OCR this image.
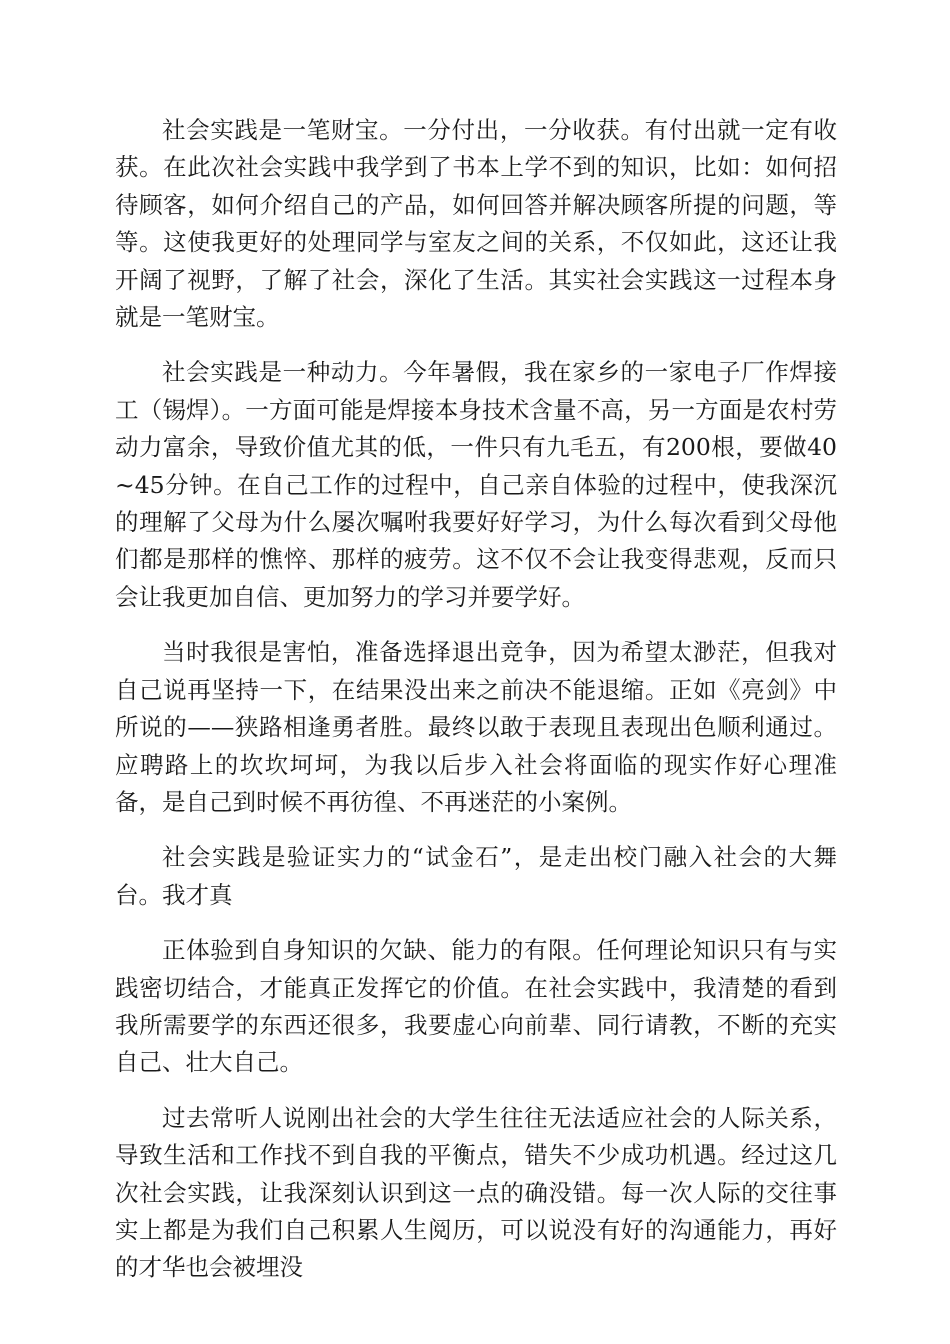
社会实践是一笔财宝。一分付出，一分收获。有付出就一定有收获。在此次社会实践中我学到了书本上学不到的知识，比如：如何招待顾客，如何介绍自己的产品，如何回答并解决顾客所提的问题，等等。这使我更好的处理同学与室友之间的关系，不仅如此，这还让我开阔了视野，了解了社会，深化了生活。其实社会实践这一过程本身就是一笔财宝。

社会实践是一种动力。今年暑假，我在家乡的一家电子厂作焊接工（锡焊）。一方面可能是焊接本身技术含量不高，另一方面是农村劳动力富余，导致价值尤其的低，一件只有九毛五，有200根，要做40~45分钟。在自己工作的过程中，自己亲自体验的过程中，使我深沉的理解了父母为什么屡次嘱咐我要好好学习，为什么每次看到父母他们都是那样的憔悴、那样的疲劳。这不仅不会让我变得悲观，反而只会让我更加自信、更加努力的学习并要学好。

当时我很是害怕，准备选择退出竞争，因为希望太渺茫，但我对自己说再坚持一下，在结果没出来之前决不能退缩。正如《亮剑》中所说的——狭路相逢勇者胜。最终以敢于表现且表现出色顺利通过。应聘路上的坎坎坷坷，为我以后步入社会将面临的现实作好心理准备，是自己到时候不再彷徨、不再迷茫的小案例。

社会实践是验证实力的“试金石”，是走出校门融入社会的大舞台。我才真

正体验到自身知识的欠缺、能力的有限。任何理论知识只有与实践密切结合，才能真正发挥它的价值。在社会实践中，我清楚的看到我所需要学的东西还很多，我要虚心向前辈、同行请教，不断的充实自己、壮大自己。

过去常听人说刚出社会的大学生往往无法适应社会的人际关系，导致生活和工作找不到自我的平衡点，错失不少成功机遇。经过这几次社会实践，让我深刻认识到这一点的确没错。每一次人际的交往事实上都是为我们自己积累人生阅历，可以说没有好的沟通能力，再好的才华也会被埋没
